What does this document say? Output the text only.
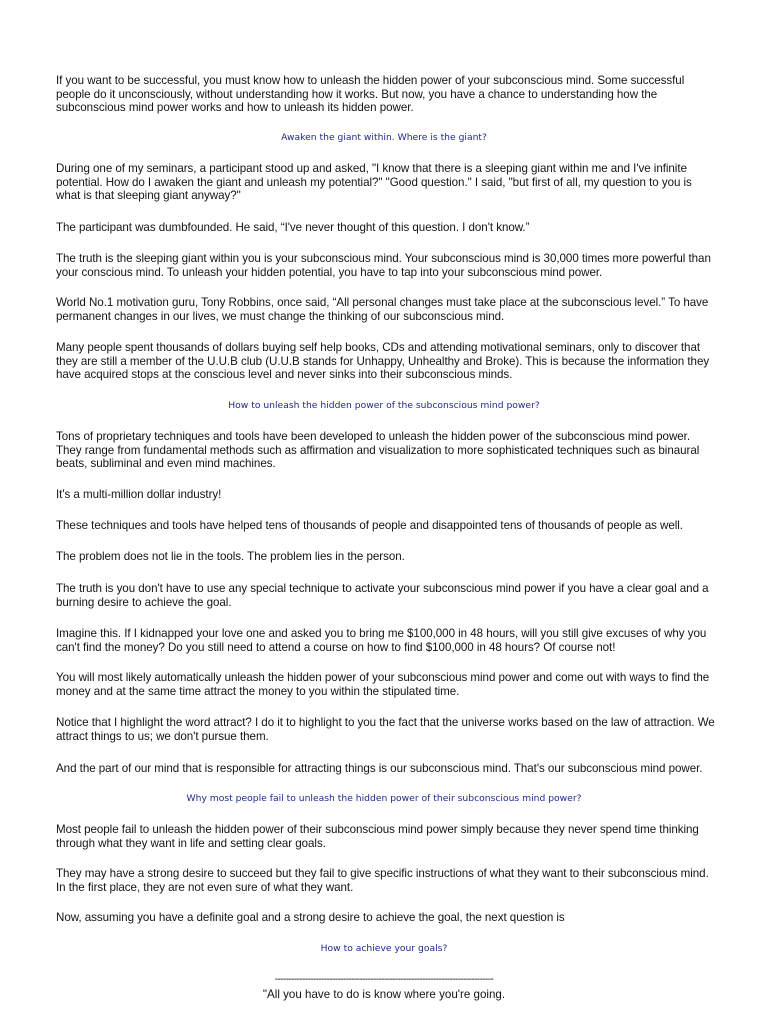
If you want to be successful, you must know how to unleash the hidden power of your subconscious mind. Some successful people do it unconsciously, without understanding how it works. But now, you have a chance to understanding how the subconscious mind power works and how to unleash its hidden power.

Awaken the giant within. Where is the giant?

During one of my seminars, a participant stood up and asked, "I know that there is a sleeping giant within me and I've infinite potential. How do I awaken the giant and unleash my potential?" "Good question." I said, "but first of all, my question to you is what is that sleeping giant anyway?"

The participant was dumbfounded. He said, “I've never thought of this question. I don't know.”

The truth is the sleeping giant within you is your subconscious mind. Your subconscious mind is 30,000 times more powerful than your conscious mind. To unleash your hidden potential, you have to tap into your subconscious mind power.

World No.1 motivation guru, Tony Robbins, once said, “All personal changes must take place at the subconscious level.” To have permanent changes in our lives, we must change the thinking of our subconscious mind.

Many people spent thousands of dollars buying self help books, CDs and attending motivational seminars, only to discover that they are still a member of the U.U.B club (U.U.B stands for Unhappy, Unhealthy and Broke). This is because the information they have acquired stops at the conscious level and never sinks into their subconscious minds.

How to unleash the hidden power of the subconscious mind power?

Tons of proprietary techniques and tools have been developed to unleash the hidden power of the subconscious mind power. They range from fundamental methods such as affirmation and visualization to more sophisticated techniques such as binaural beats, subliminal and even mind machines.

It's a multi-million dollar industry!

These techniques and tools have helped tens of thousands of people and disappointed tens of thousands of people as well.

The problem does not lie in the tools. The problem lies in the person.

The truth is you don't have to use any special technique to activate your subconscious mind power if you have a clear goal and a burning desire to achieve the goal.

Imagine this. If I kidnapped your love one and asked you to bring me $100,000 in 48 hours, will you still give excuses of why you can't find the money? Do you still need to attend a course on how to find $100,000 in 48 hours? Of course not!

You will most likely automatically unleash the hidden power of your subconscious mind power and come out with ways to find the money and at the same time attract the money to you within the stipulated time.

Notice that I highlight the word attract? I do it to highlight to you the fact that the universe works based on the law of attraction. We attract things to us; we don't pursue them.

And the part of our mind that is responsible for attracting things is our subconscious mind. That's our subconscious mind power.

Why most people fail to unleash the hidden power of their subconscious mind power?

Most people fail to unleash the hidden power of their subconscious mind power simply because they never spend time thinking through what they want in life and setting clear goals.

They may have a strong desire to succeed but they fail to give specific instructions of what they want to their subconscious mind. In the first place, they are not even sure of what they want.

Now, assuming you have a definite goal and a strong desire to achieve the goal, the next question is

How to achieve your goals?

--------------------------------------------------------------------------------

"All you have to do is know where you're going.
